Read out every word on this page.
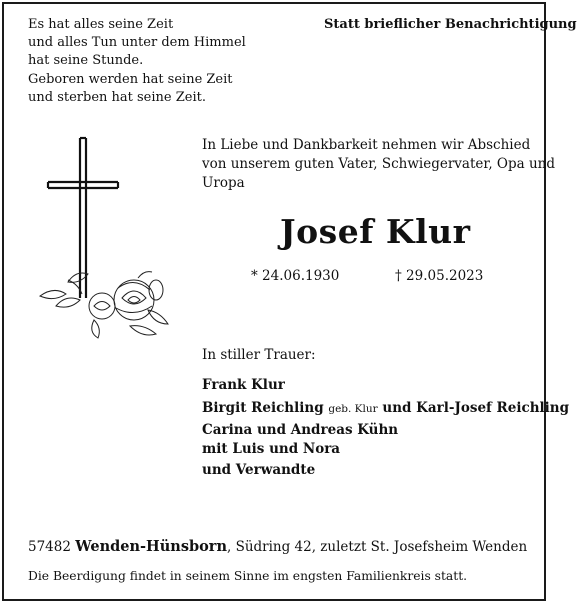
Es hat alles seine Zeit
und alles Tun unter dem Himmel
hat seine Stunde.
Geboren werden hat seine Zeit
und sterben hat seine Zeit.
Statt brieflicher Benachrichtigung
In Liebe und Dankbarkeit nehmen wir Abschied
von unserem guten Vater, Schwiegervater, Opa und
Uropa
Josef Klur
* 24.06.1930	† 29.05.2023
In stiller Trauer:
Frank Klur
Birgit Reichling geb. Klur und Karl-Josef Reichling
Carina und Andreas Kühn
mit Luis und Nora
und Verwandte
57482 Wenden-Hünsborn, Südring 42, zuletzt St. Josefsheim Wenden
Die Beerdigung findet in seinem Sinne im engsten Familienkreis statt.
